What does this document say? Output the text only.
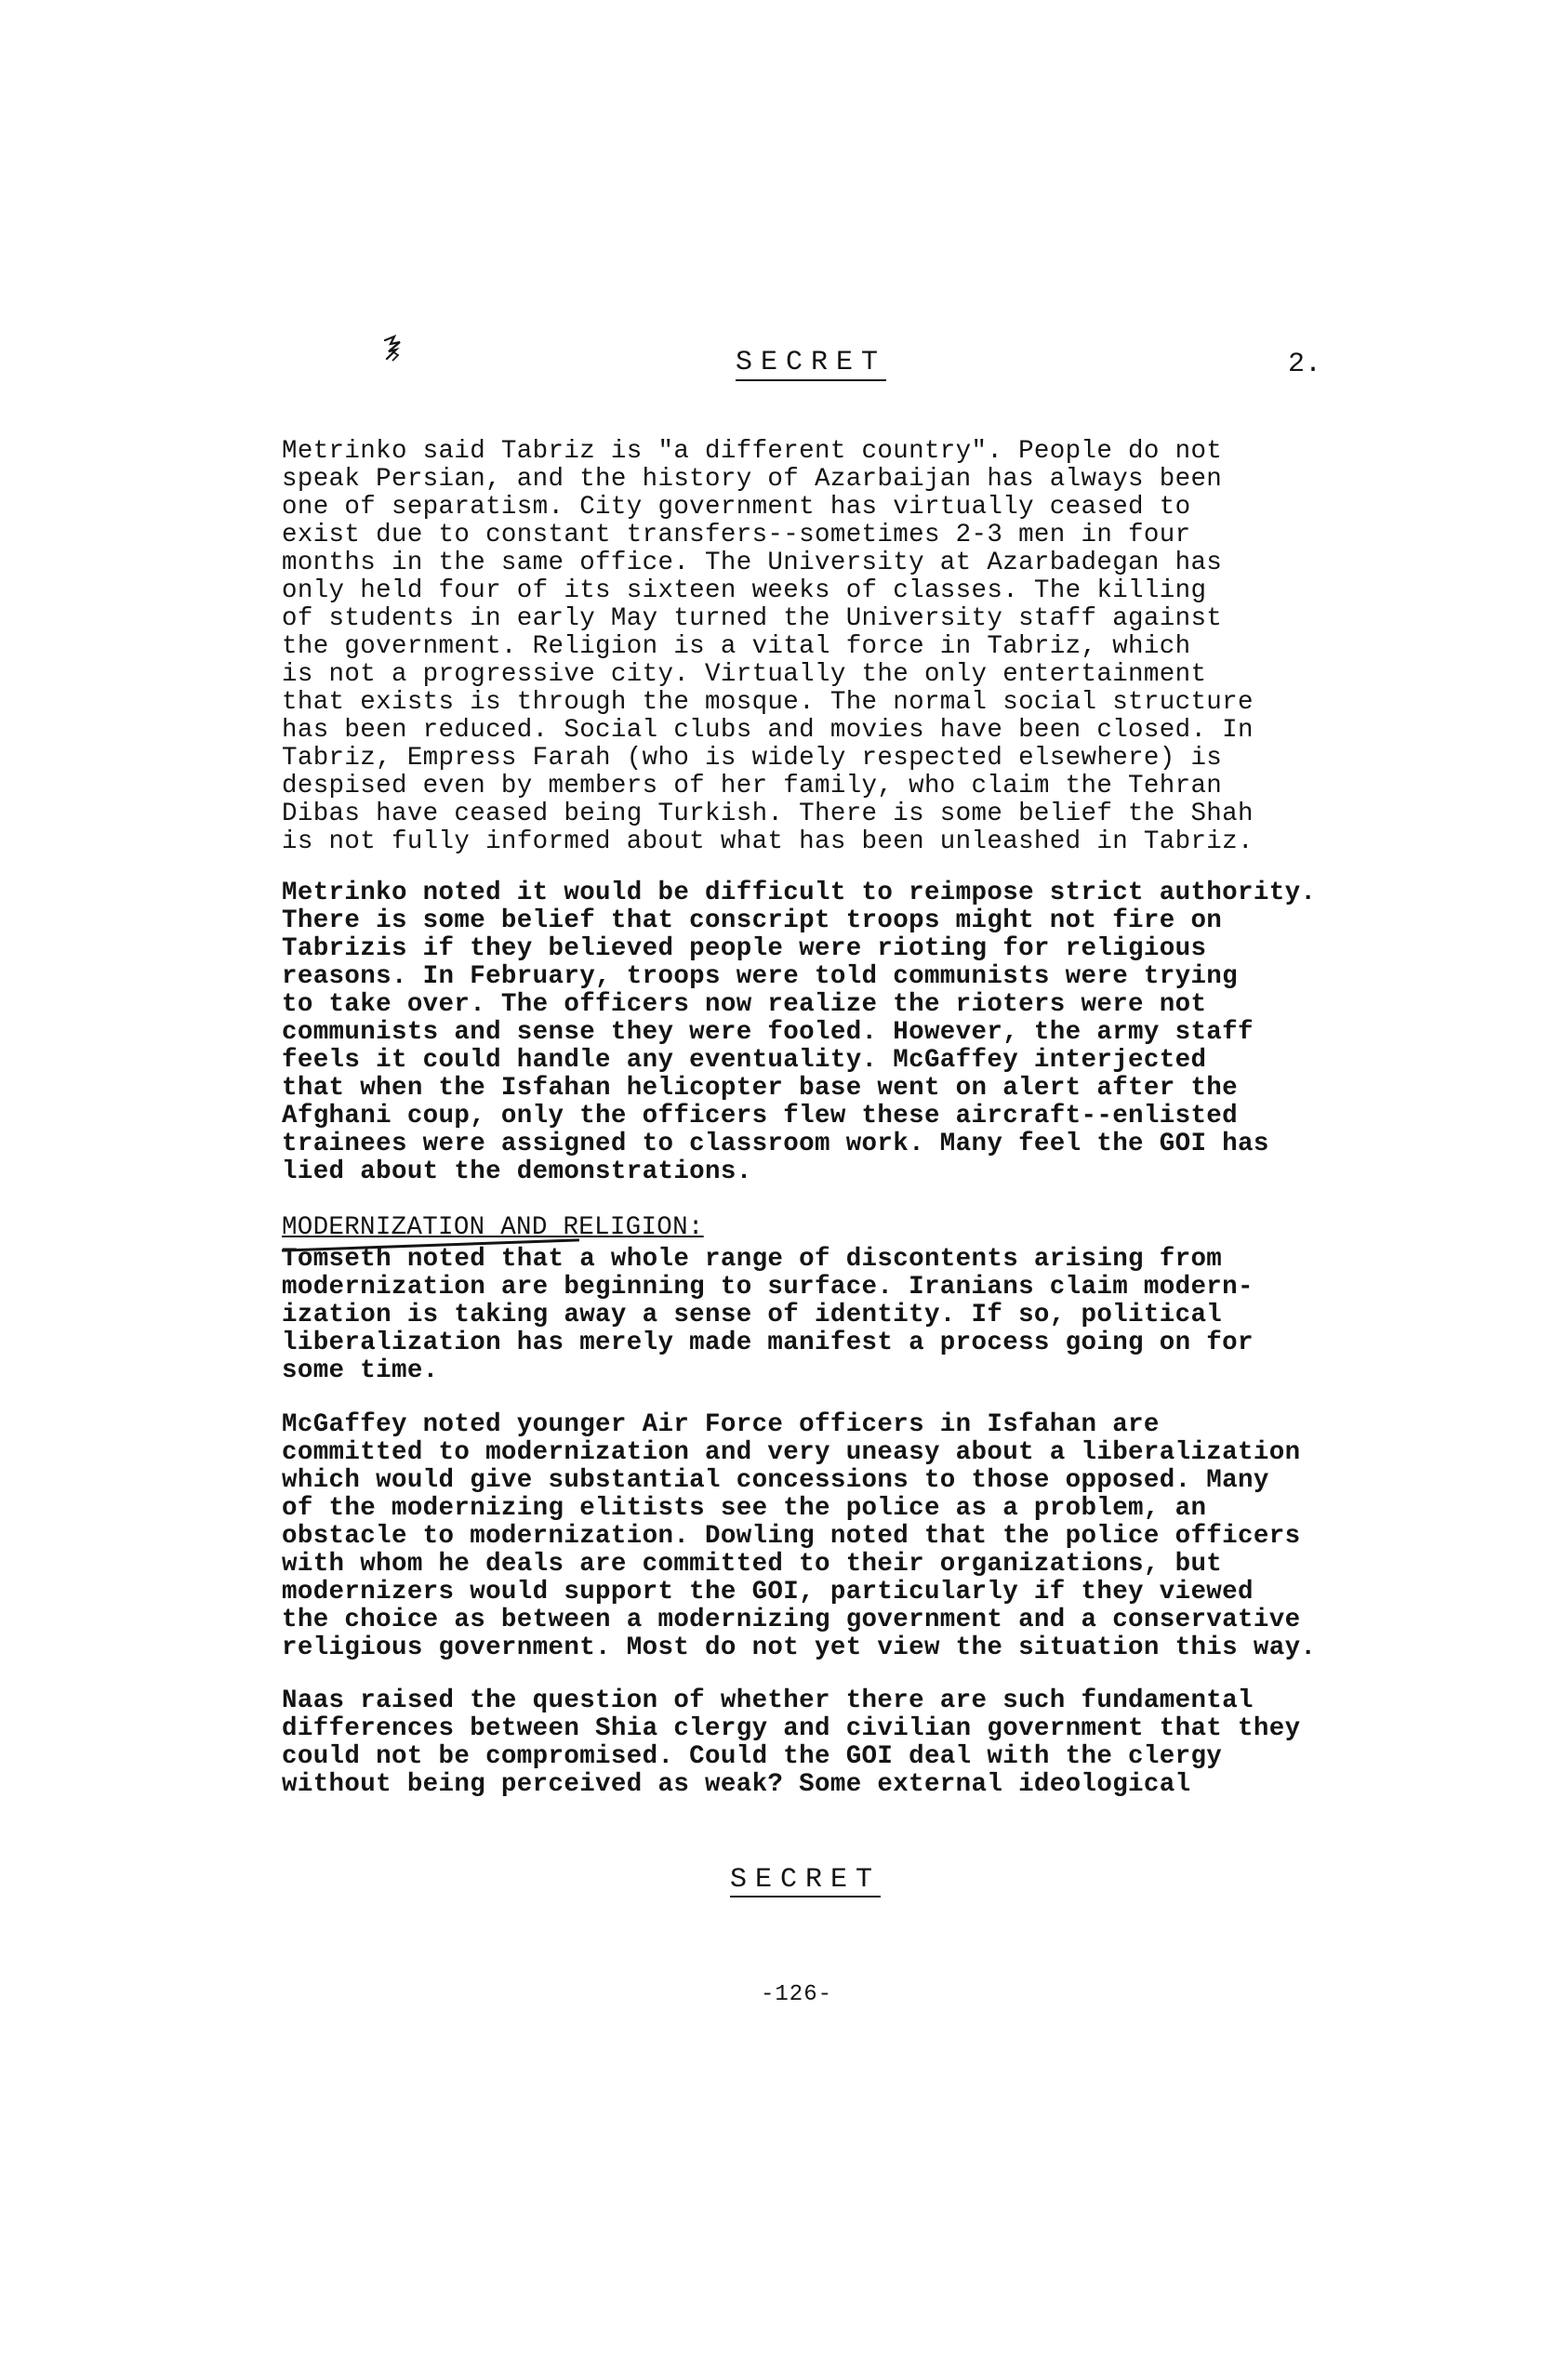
SECRET	2.
Metrinko said Tabriz is "a different country". People do not
speak Persian, and the history of Azarbaijan has always been
one of separatism. City government has virtually ceased to
exist due to constant transfers--sometimes 2-3 men in four
months in the same office. The University at Azarbadegan has
only held four of its sixteen weeks of classes. The killing
of students in early May turned the University staff against
the government. Religion is a vital force in Tabriz, which
is not a progressive city. Virtually the only entertainment
that exists is through the mosque. The normal social structure
has been reduced. Social clubs and movies have been closed. In
Tabriz, Empress Farah (who is widely respected elsewhere) is
despised even by members of her family, who claim the Tehran
Dibas have ceased being Turkish. There is some belief the Shah
is not fully informed about what has been unleashed in Tabriz.
Metrinko noted it would be difficult to reimpose strict authority.
There is some belief that conscript troops might not fire on
Tabrizis if they believed people were rioting for religious
reasons. In February, troops were told communists were trying
to take over. The officers now realize the rioters were not
communists and sense they were fooled. However, the army staff
feels it could handle any eventuality. McGaffey interjected
that when the Isfahan helicopter base went on alert after the
Afghani coup, only the officers flew these aircraft--enlisted
trainees were assigned to classroom work. Many feel the GOI has
lied about the demonstrations.
MODERNIZATION AND RELIGION:
Tomseth noted that a whole range of discontents arising from
modernization are beginning to surface. Iranians claim modern-
ization is taking away a sense of identity. If so, political
liberalization has merely made manifest a process going on for
some time.
McGaffey noted younger Air Force officers in Isfahan are
committed to modernization and very uneasy about a liberalization
which would give substantial concessions to those opposed. Many
of the modernizing elitists see the police as a problem, an
obstacle to modernization. Dowling noted that the police officers
with whom he deals are committed to their organizations, but
modernizers would support the GOI, particularly if they viewed
the choice as between a modernizing government and a conservative
religious government. Most do not yet view the situation this way.
Naas raised the question of whether there are such fundamental
differences between Shia clergy and civilian government that they
could not be compromised. Could the GOI deal with the clergy
without being perceived as weak? Some external ideological
SECRET
-126-
